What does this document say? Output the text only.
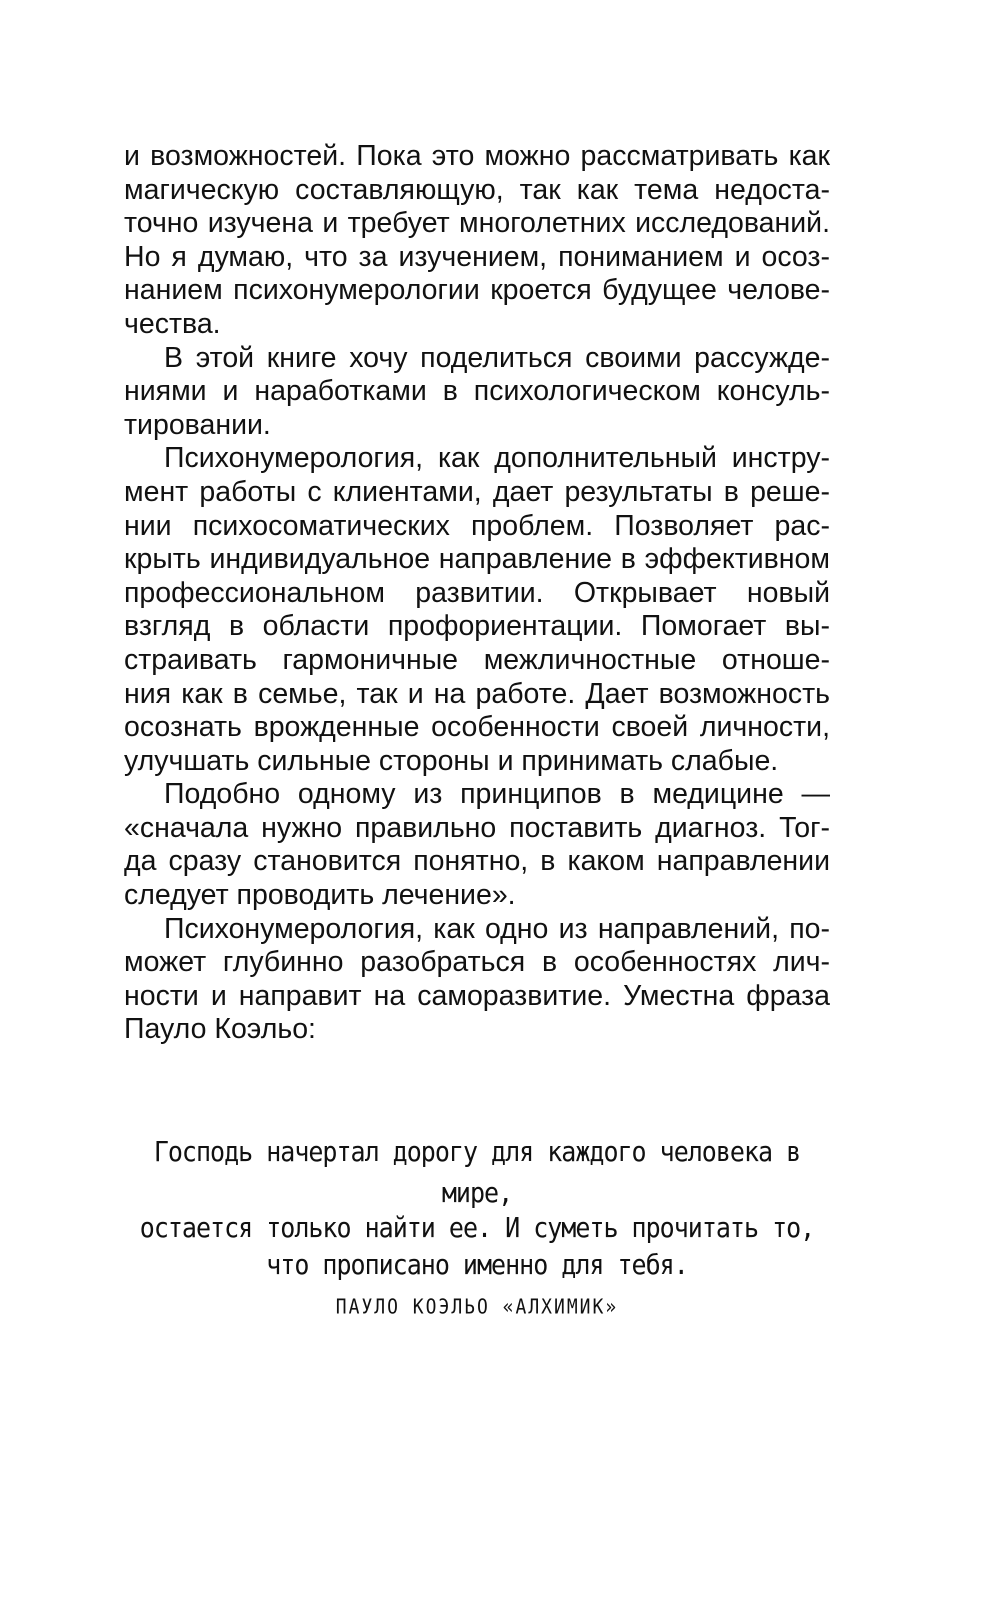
и возможностей. Пока это можно рассматривать как
магическую составляющую, так как тема недоста-
точно изучена и требует многолетних исследований.
Но я думаю, что за изучением, пониманием и осоз-
нанием психонумерологии кроется будущее челове-
чества.
В этой книге хочу поделиться своими рассужде-
ниями и наработками в психологическом консуль-
тировании.
Психонумерология, как дополнительный инстру-
мент работы с клиентами, дает результаты в реше-
нии психосоматических проблем. Позволяет рас-
крыть индивидуальное направление в эффективном
профессиональном развитии. Открывает новый
взгляд в области профориентации. Помогает вы-
страивать гармоничные межличностные отноше-
ния как в семье, так и на работе. Дает возможность
осознать врожденные особенности своей личности,
улучшать сильные стороны и принимать слабые.
Подобно одному из принципов в медицине —
«сначала нужно правильно поставить диагноз. Тог-
да сразу становится понятно, в каком направлении
следует проводить лечение».
Психонумерология, как одно из направлений, по-
может глубинно разобраться в особенностях лич-
ности и направит на саморазвитие. Уместна фраза
Пауло Коэльо:
Господь начертал дорогу для каждого человека в мире,
остается только найти ее. И суметь прочитать то,
что прописано именно для тебя.
ПАУЛО КОЭЛЬО «АЛХИМИК»
